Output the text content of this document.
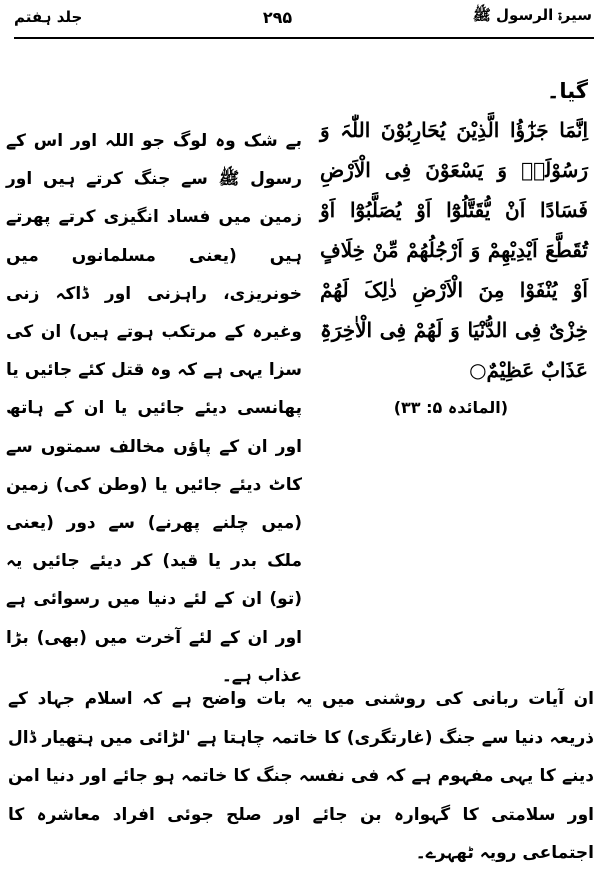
جلد ہفتم	۲۹۵	سیرۃ الرسول ﷺ
گیا۔
اِنَّمَا جَزٰٓؤُا الَّذِیْنَ یُحَارِبُوْنَ اللّٰہَ وَ رَسُوْلَہٗ وَ یَسْعَوْنَ فِی الْاَرْضِ فَسَادًا اَنْ یُّقَتَّلُوْٓا اَوْ یُصَلَّبُوْٓا اَوْ تُقَطَّعَ اَیْدِیْھِمْ وَ اَرْجُلُھُمْ مِّنْ خِلَافٍ اَوْ یُنْفَوْا مِنَ الْاَرْضِ ذٰلِکَ لَھُمْ خِزْیٌ فِی الدُّنْیَا وَ لَھُمْ فِی الْاٰخِرَۃِ عَذَابٌ عَظِیْمٌ○
(المائدہ ۵: ۳۳)

بے شک وہ لوگ جو اللہ اور اس کے رسول ﷺ سے جنگ کرتے ہیں اور زمین میں فساد انگیزی کرتے پھرتے ہیں (یعنی مسلمانوں میں خونریزی، راہزنی اور ڈاکہ زنی وغیرہ کے مرتکب ہوتے ہیں) ان کی سزا یہی ہے کہ وہ قتل کئے جائیں یا پھانسی دیئے جائیں یا ان کے ہاتھ اور ان کے پاؤں مخالف سمتوں سے کاٹ دیئے جائیں یا (وطن کی) زمین (میں چلنے پھرنے) سے دور (یعنی ملک بدر یا قید) کر دیئے جائیں یہ (تو) ان کے لئے دنیا میں رسوائی ہے اور ان کے لئے آخرت میں (بھی) بڑا عذاب ہے۔

ان آیات ربانی کی روشنی میں یہ بات واضح ہے کہ اسلام جہاد کے ذریعہ دنیا سے جنگ (غارتگری) کا خاتمہ چاہتا ہے 'لڑائی میں ہتھیار ڈال دینے کا یہی مفہوم ہے کہ فی نفسہ جنگ کا خاتمہ ہو جائے اور دنیا امن اور سلامتی کا گہوارہ بن جائے اور صلح جوئی افراد معاشرہ کا اجتماعی رویہ ٹھہرے۔
